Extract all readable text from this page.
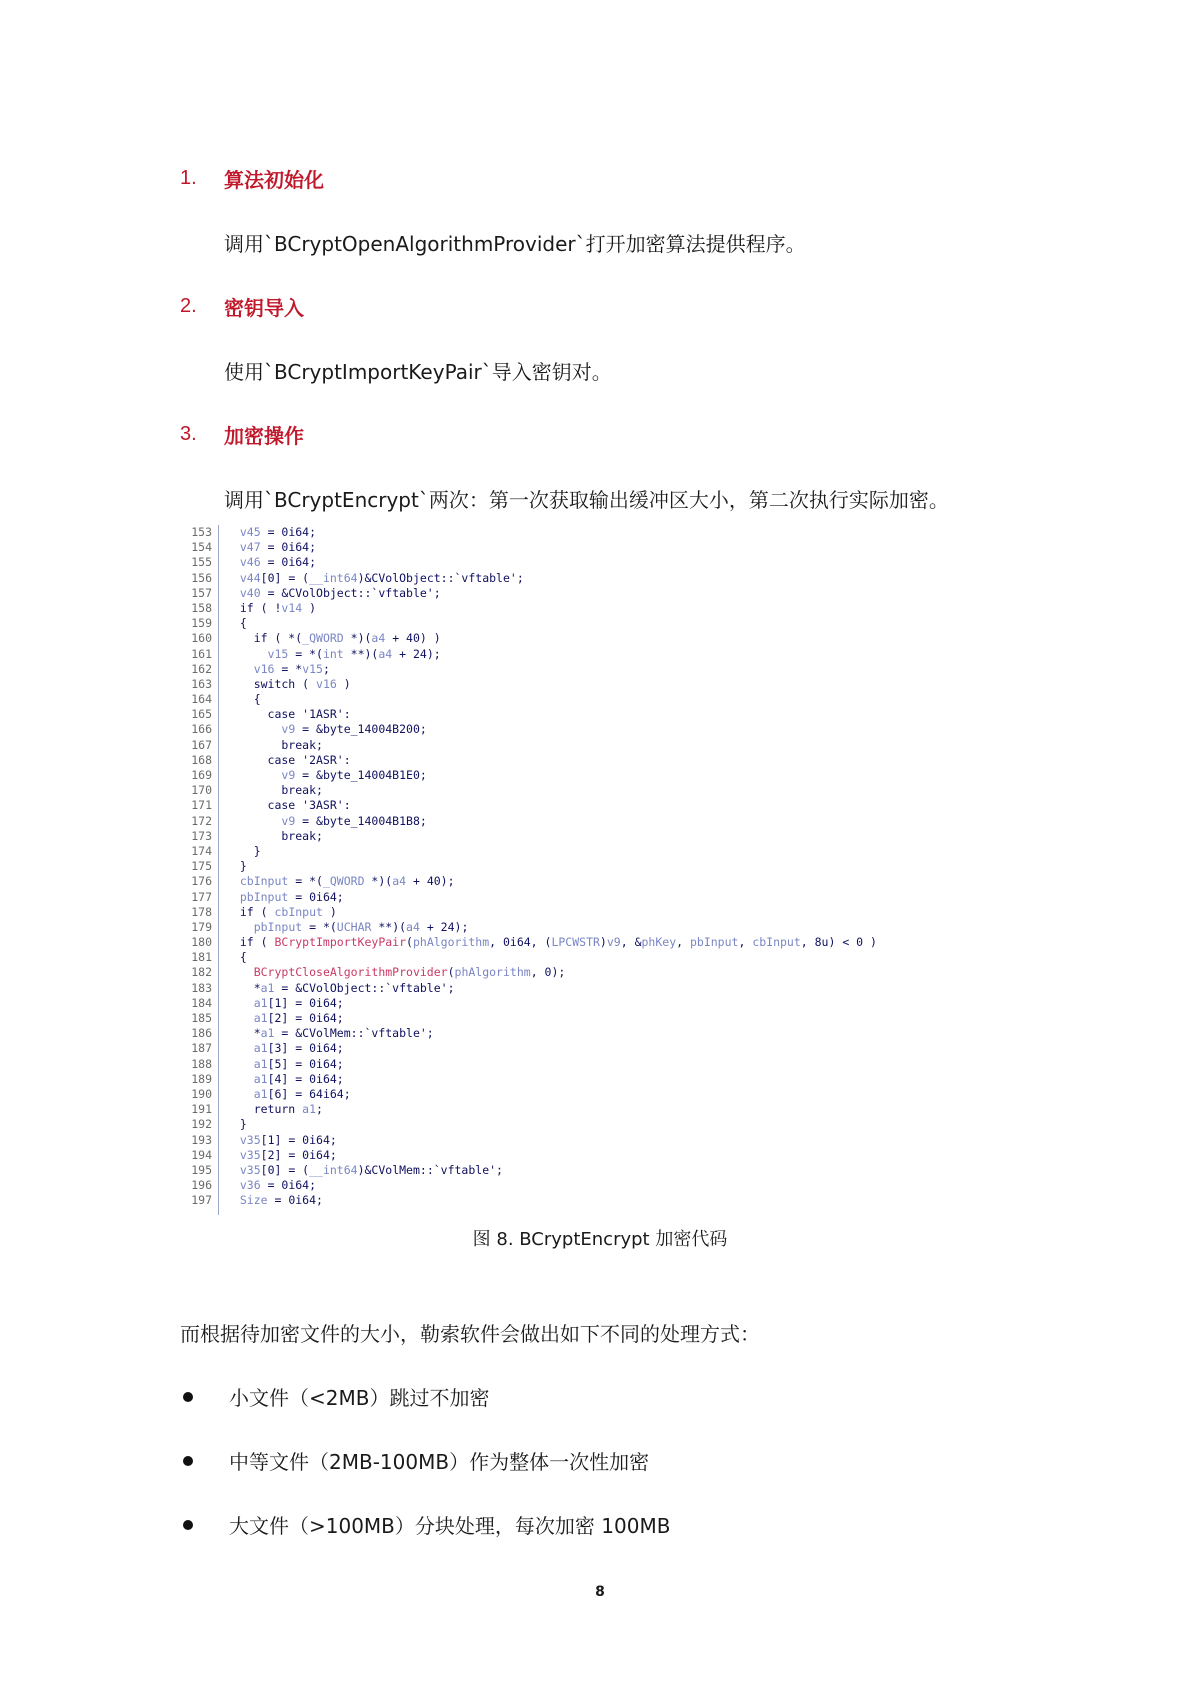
1.	算法初始化
调用`BCryptOpenAlgorithmProvider`打开加密算法提供程序。
2.	密钥导入
使用`BCryptImportKeyPair`导入密钥对。
3.	加密操作
调用`BCryptEncrypt`两次：第一次获取输出缓冲区大小，第二次执行实际加密。
153
154
155
156
157
158
159
160
161
162
163
164
165
166
167
168
169
170
171
172
173
174
175
176
177
178
179
180
181
182
183
184
185
186
187
188
189
190
191
192
193
194
195
196
197
v45 = 0i64;
v47 = 0i64;
v46 = 0i64;
v44[0] = (__int64)&CVolObject::`vftable';
v40 = &CVolObject::`vftable';
if ( !v14 )
{
if ( *(_QWORD *)(a4 + 40) )
v15 = *(int **)(a4 + 24);
v16 = *v15;
switch ( v16 )
{
case '1ASR':
v9 = &byte_14004B200;
break;
case '2ASR':
v9 = &byte_14004B1E0;
break;
case '3ASR':
v9 = &byte_14004B1B8;
break;
}
}
cbInput = *(_QWORD *)(a4 + 40);
pbInput = 0i64;
if ( cbInput )
pbInput = *(UCHAR **)(a4 + 24);
if ( BCryptImportKeyPair(phAlgorithm, 0i64, (LPCWSTR)v9, &phKey, pbInput, cbInput, 8u) < 0 )
{
BCryptCloseAlgorithmProvider(phAlgorithm, 0);
*a1 = &CVolObject::`vftable';
a1[1] = 0i64;
a1[2] = 0i64;
*a1 = &CVolMem::`vftable';
a1[3] = 0i64;
a1[5] = 0i64;
a1[4] = 0i64;
a1[6] = 64i64;
return a1;
}
v35[1] = 0i64;
v35[2] = 0i64;
v35[0] = (__int64)&CVolMem::`vftable';
v36 = 0i64;
Size = 0i64;
图 8. BCryptEncrypt 加密代码
而根据待加密文件的大小，勒索软件会做出如下不同的处理方式：
小文件（<2MB）跳过不加密
中等文件（2MB-100MB）作为整体一次性加密
大文件（>100MB）分块处理，每次加密 100MB
8
